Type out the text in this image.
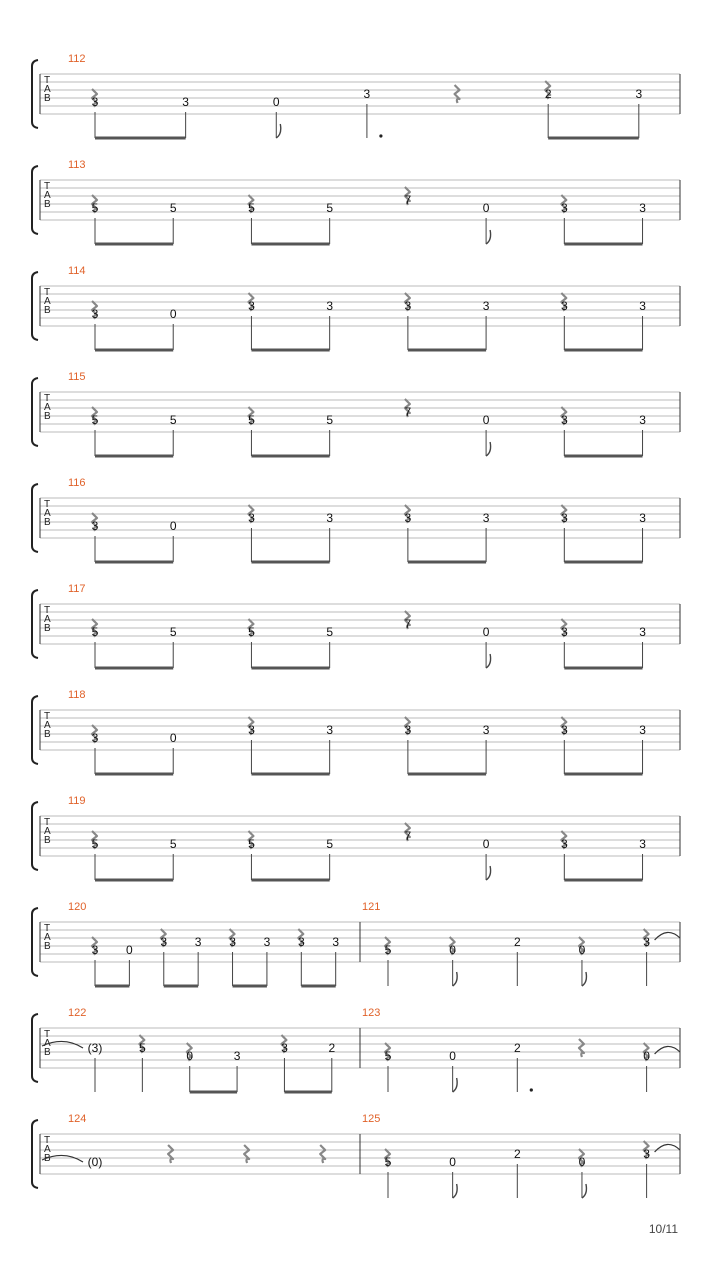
T
A
B
112
3	3	0
3	2	3
T
A
B
113
5	5	5	5
7
0	3	3
T
A
B
114
3	0
3	3	3	3	3	3
T
A
B
115
5	5	5	5
7
0	3	3
T
A
B
116
3	0
3	3	3	3	3	3
T
A
B
117
5	5	5	5
7
0	3	3
T
A
B
118
3	0
3	3	3	3	3	3
T
A
B
119
5	5	5	5
7
0	3	3
T
A
B
120
3 0
3 3 3 3 3 3
121
5	0
2
0
3
T
A
B
122
(3)	5
0	3
3	2
123
5	0
2
0
T
A
B
124
(0)
125
5	0
2
0
3
10/11
